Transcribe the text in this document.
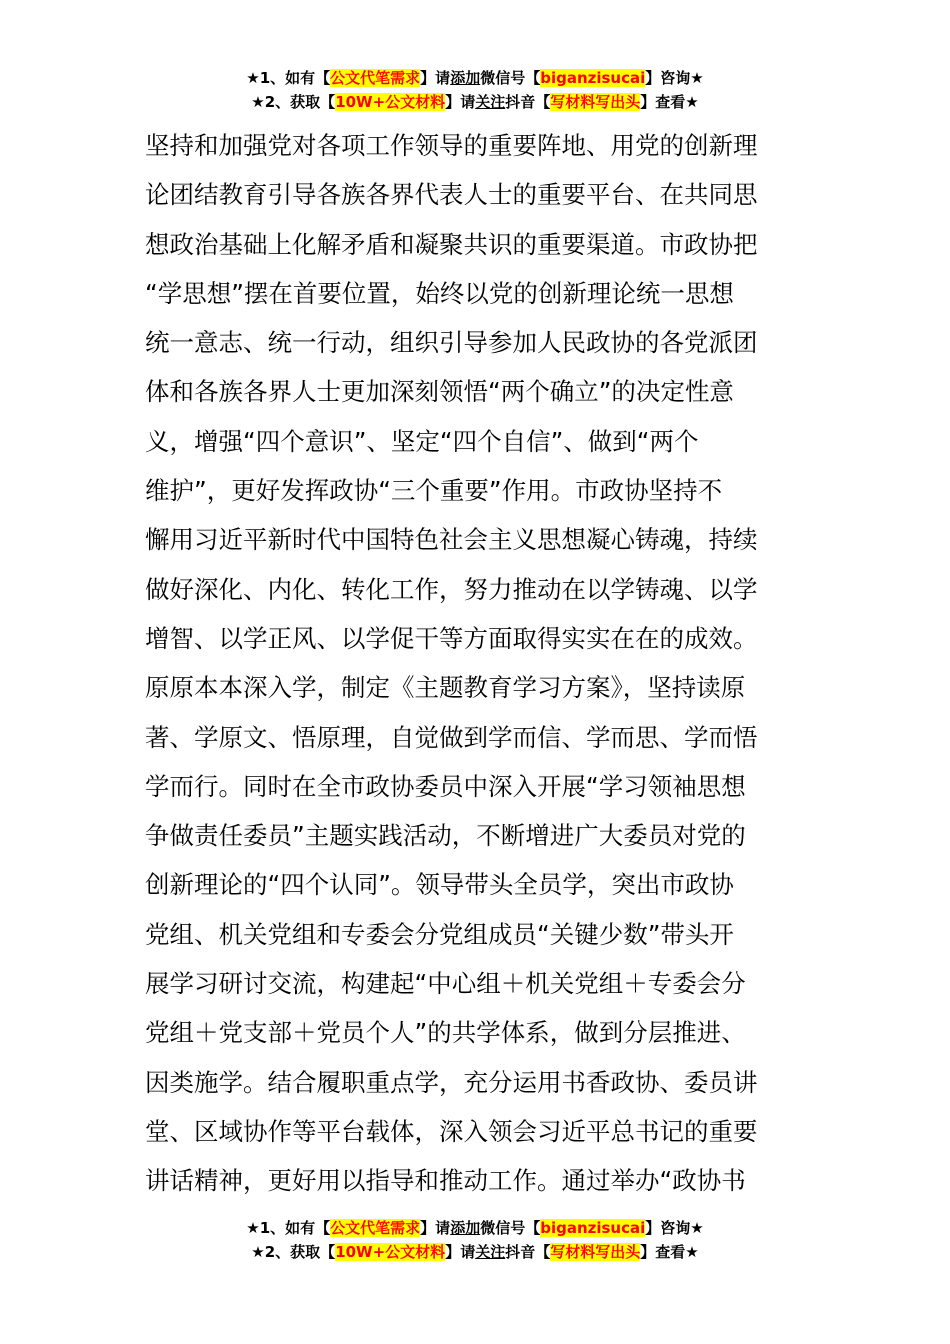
★1、如有【公文代笔需求】请添加微信号【biganzisucai】咨询★
★2、获取【10W+公文材料】请关注抖音【写材料写出头】查看★
坚持和加强党对各项工作领导的重要阵地、用党的创新理
论团结教育引导各族各界代表人士的重要平台、在共同思
想政治基础上化解矛盾和凝聚共识的重要渠道。市政协把
“学思想”摆在首要位置，始终以党的创新理论统一思想
统一意志、统一行动，组织引导参加人民政协的各党派团
体和各族各界人士更加深刻领悟“两个确立”的决定性意
义，增强“四个意识”、坚定“四个自信”、做到“两个
维护”，更好发挥政协“三个重要”作用。市政协坚持不
懈用习近平新时代中国特色社会主义思想凝心铸魂，持续
做好深化、内化、转化工作，努力推动在以学铸魂、以学
增智、以学正风、以学促干等方面取得实实在在的成效。
原原本本深入学，制定《主题教育学习方案》，坚持读原
著、学原文、悟原理，自觉做到学而信、学而思、学而悟
学而行。同时在全市政协委员中深入开展“学习领袖思想
争做责任委员”主题实践活动，不断增进广大委员对党的
创新理论的“四个认同”。领导带头全员学，突出市政协
党组、机关党组和专委会分党组成员“关键少数”带头开
展学习研讨交流，构建起“中心组＋机关党组＋专委会分
党组＋党支部＋党员个人”的共学体系，做到分层推进、
因类施学。结合履职重点学，充分运用书香政协、委员讲
堂、区域协作等平台载体，深入领会习近平总书记的重要
讲话精神，更好用以指导和推动工作。通过举办“政协书
★1、如有【公文代笔需求】请添加微信号【biganzisucai】咨询★
★2、获取【10W+公文材料】请关注抖音【写材料写出头】查看★
